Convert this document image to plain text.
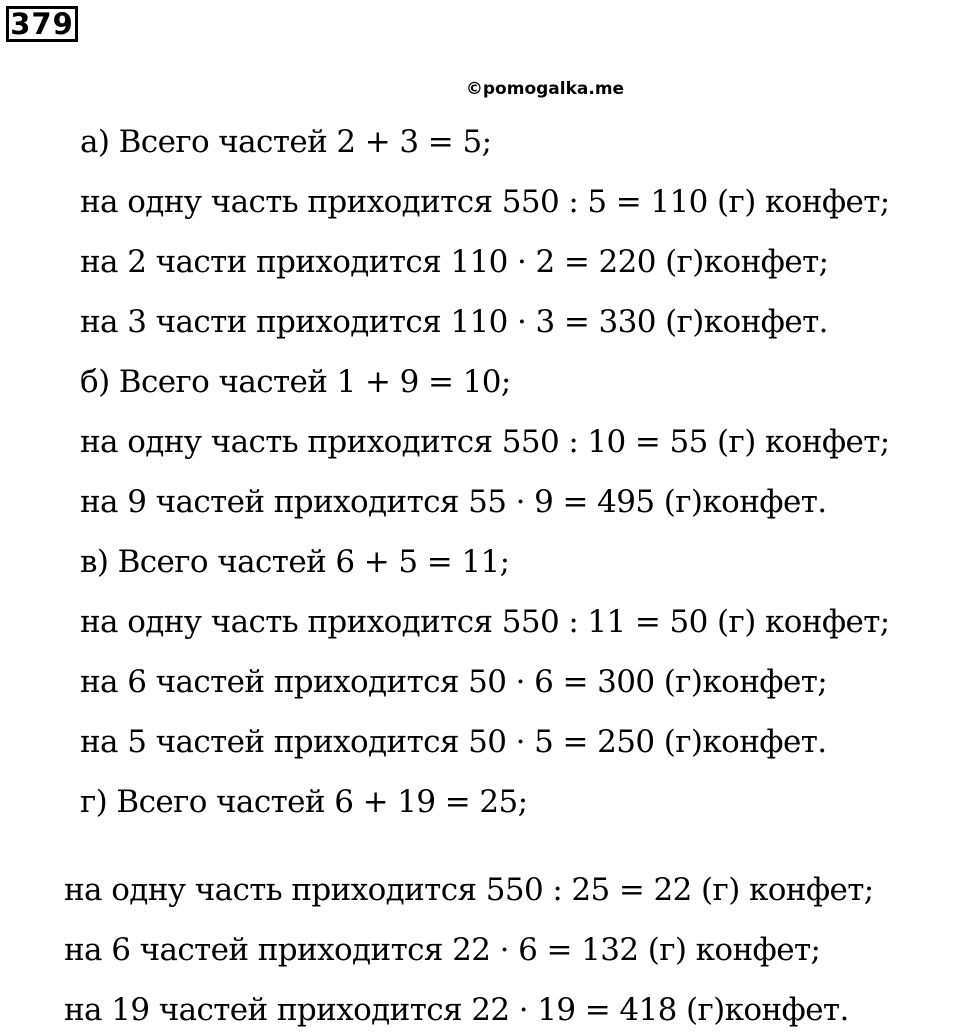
379
©pomogalka.me
а) Всего частей 2 + 3 = 5;
на одну часть приходится 550 : 5 = 110 (г) конфет;
на 2 части приходится 110 · 2 = 220 (г)конфет;
на 3 части приходится 110 · 3 = 330 (г)конфет.
б) Всего частей 1 + 9 = 10;
на одну часть приходится 550 : 10 = 55 (г) конфет;
на 9 частей приходится 55 · 9 = 495 (г)конфет.
в) Всего частей 6 + 5 = 11;
на одну часть приходится 550 : 11 = 50 (г) конфет;
на 6 частей приходится 50 · 6 = 300 (г)конфет;
на 5 частей приходится 50 · 5 = 250 (г)конфет.
г) Всего частей 6 + 19 = 25;
на одну часть приходится 550 : 25 = 22 (г) конфет;
на 6 частей приходится 22 · 6 = 132 (г) конфет;
на 19 частей приходится 22 · 19 = 418 (г)конфет.
